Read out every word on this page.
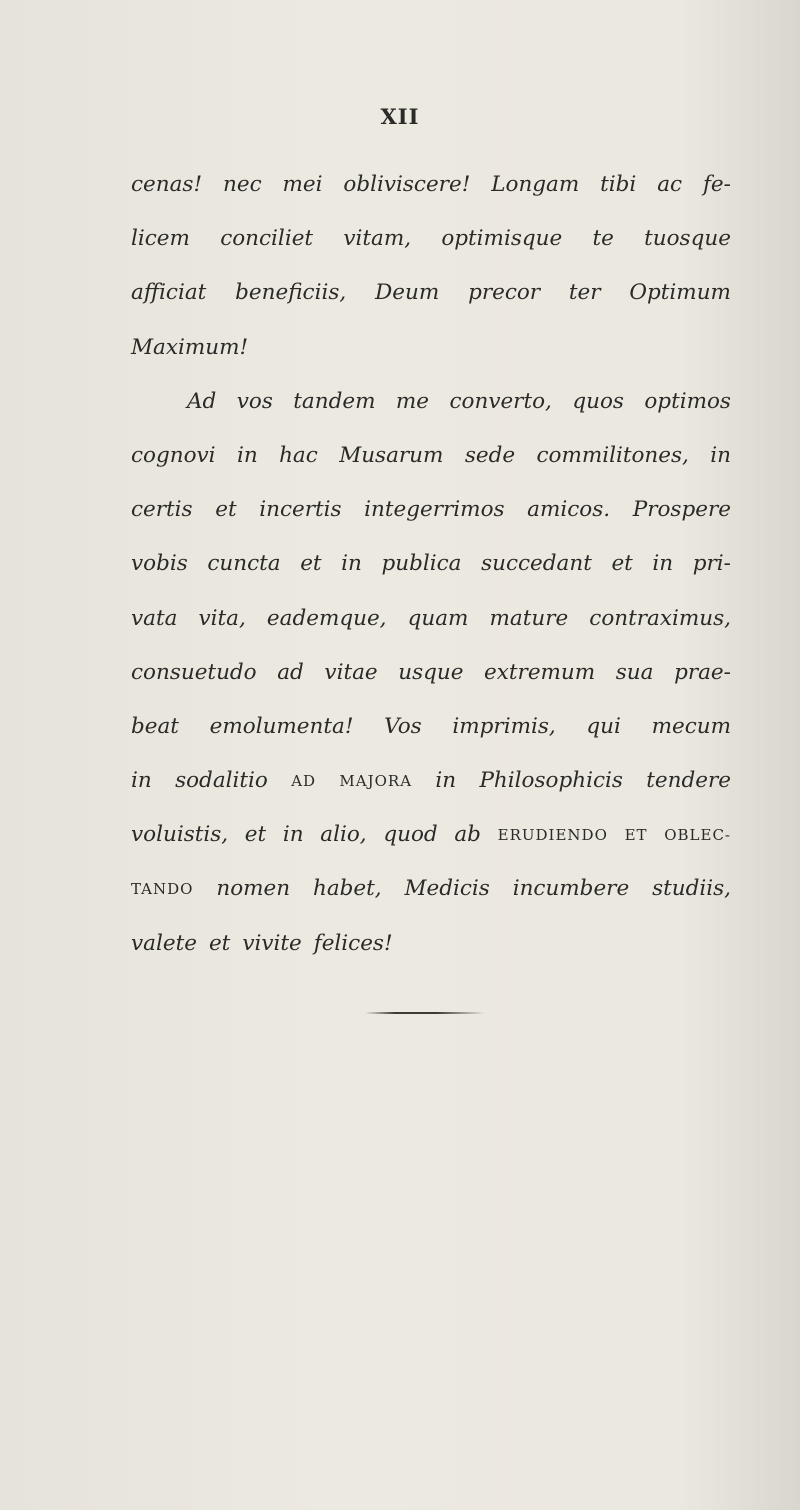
XII
cenas! nec mei obliviscere! Longam tibi ac fe-
licem conciliet vitam, optimisque te tuosque
afficiat beneficiis, Deum precor ter Optimum
Maximum!
Ad vos tandem me converto, quos optimos
cognovi in hac Musarum sede commilitones, in
certis et incertis integerrimos amicos. Prospere
vobis cuncta et in publica succedant et in pri-
vata vita, eademque, quam mature contraximus,
consuetudo ad vitae usque extremum sua prae-
beat emolumenta! Vos imprimis, qui mecum
in sodalitio AD MAJORA in Philosophicis tendere
voluistis, et in alio, quod ab ERUDIENDO ET OBLEC-
TANDO nomen habet, Medicis incumbere studiis,
valete et vivite felices!
